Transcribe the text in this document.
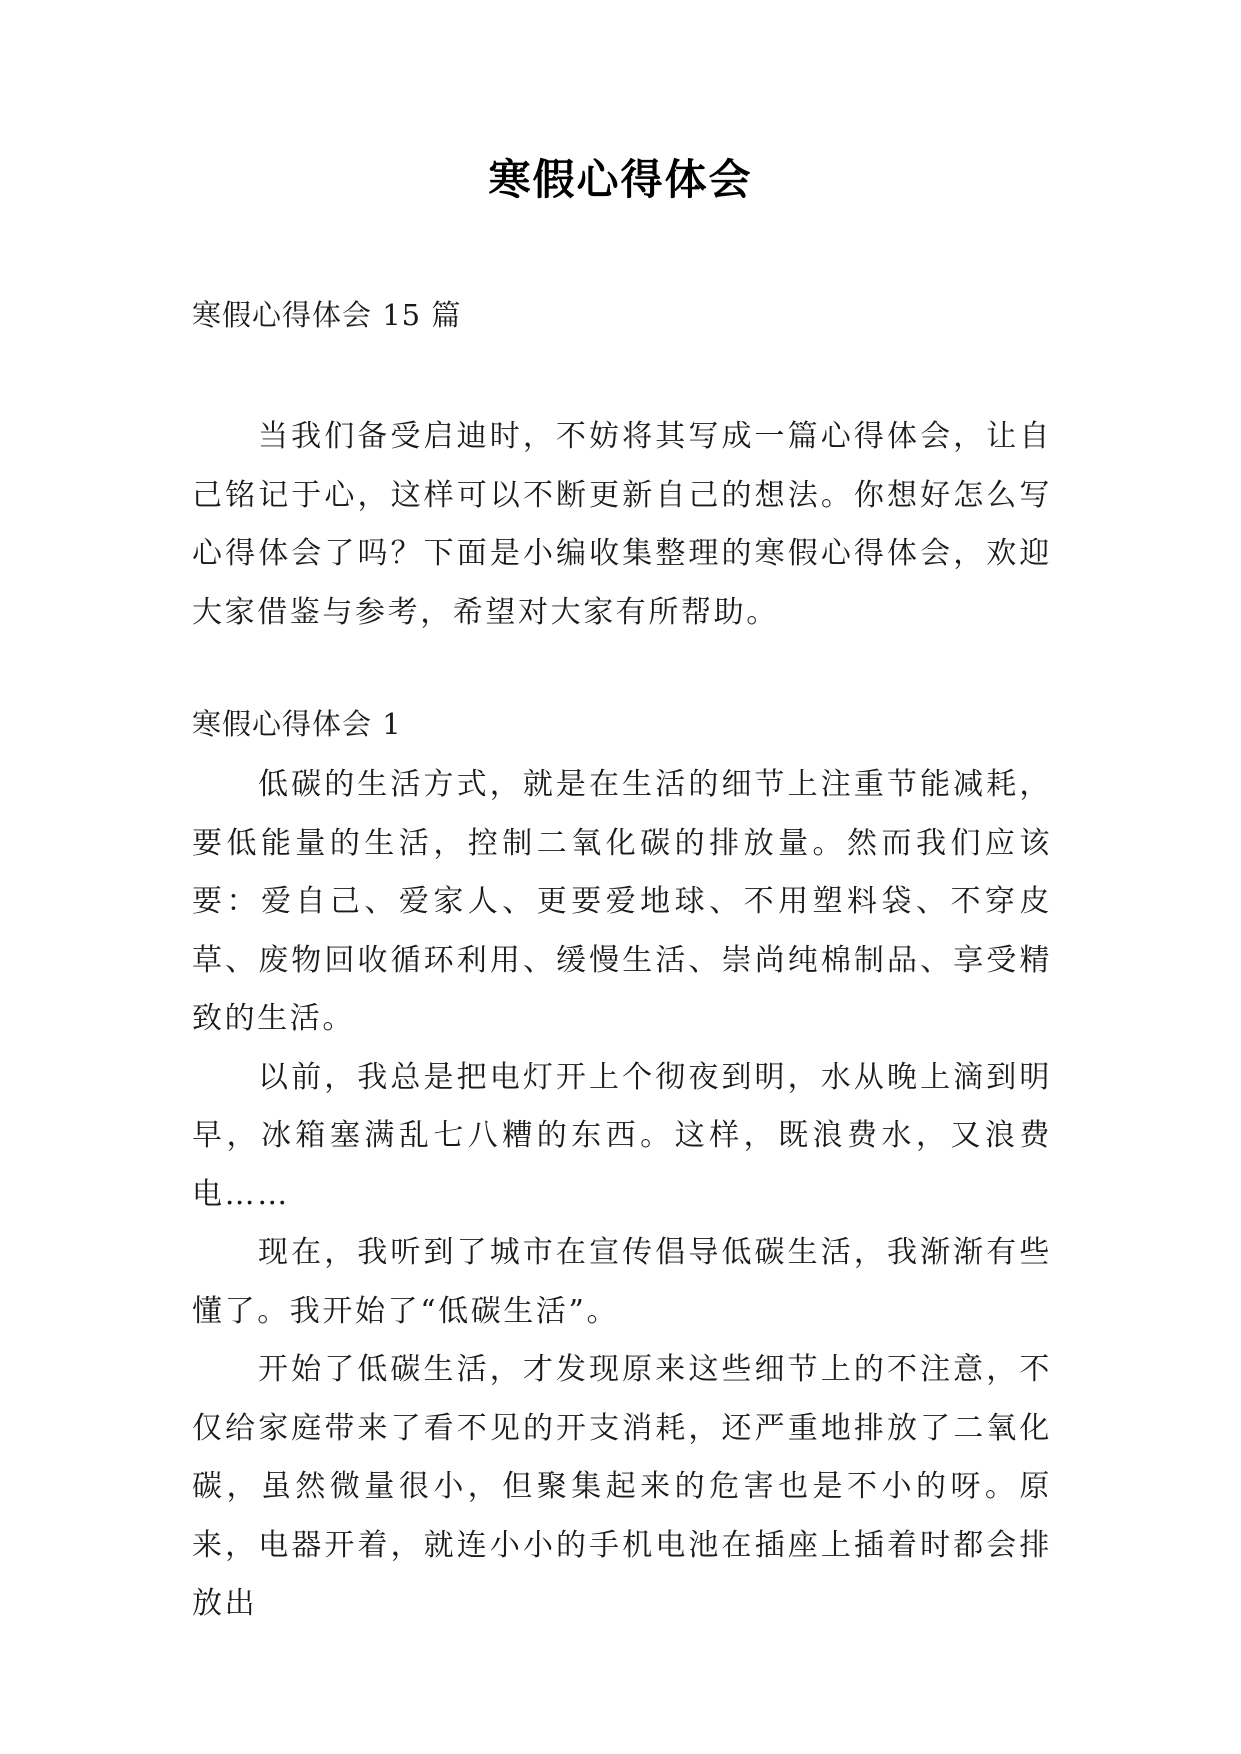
寒假心得体会

寒假心得体会 15 篇

当我们备受启迪时，不妨将其写成一篇心得体会，让自己铭记于心，这样可以不断更新自己的想法。你想好怎么写心得体会了吗？下面是小编收集整理的寒假心得体会，欢迎大家借鉴与参考，希望对大家有所帮助。

寒假心得体会 1

低碳的生活方式，就是在生活的细节上注重节能减耗，要低能量的生活，控制二氧化碳的排放量。然而我们应该要：爱自己、爱家人、更要爱地球、不用塑料袋、不穿皮草、废物回收循环利用、缓慢生活、崇尚纯棉制品、享受精致的生活。

以前，我总是把电灯开上个彻夜到明，水从晚上滴到明早，冰箱塞满乱七八糟的东西。这样，既浪费水，又浪费电……

现在，我听到了城市在宣传倡导低碳生活，我渐渐有些懂了。我开始了“低碳生活”。

开始了低碳生活，才发现原来这些细节上的不注意，不仅给家庭带来了看不见的开支消耗，还严重地排放了二氧化碳，虽然微量很小，但聚集起来的危害也是不小的呀。原来，电器开着，就连小小的手机电池在插座上插着时都会排放出
